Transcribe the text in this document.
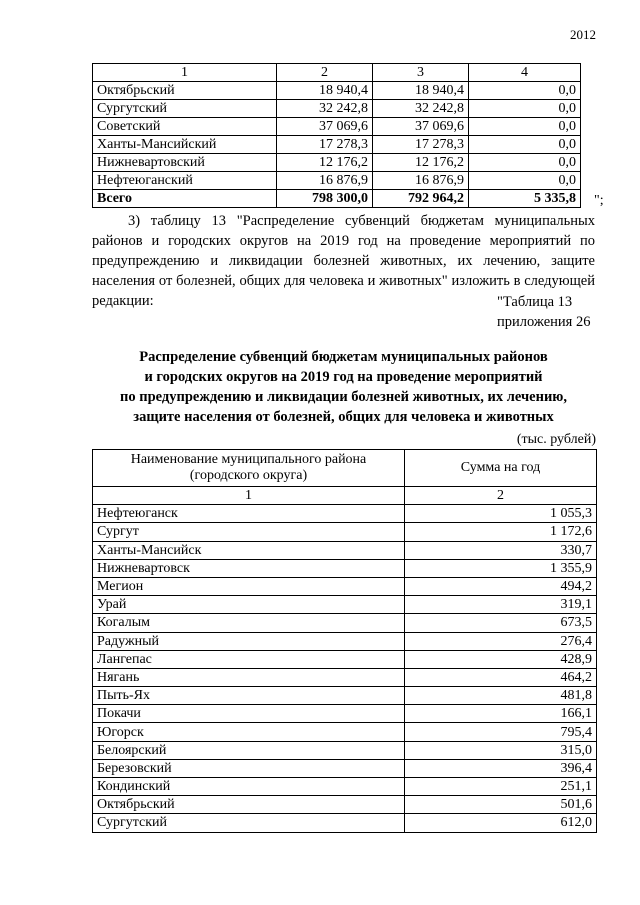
2012
1	2	3	4
Октябрьский	18 940,4	18 940,4	0,0
Сургутский	32 242,8	32 242,8	0,0
Советский	37 069,6	37 069,6	0,0
Ханты-Мансийский	17 278,3	17 278,3	0,0
Нижневартовский	12 176,2	12 176,2	0,0
Нефтеюганский	16 876,9	16 876,9	0,0
Всего	798 300,0	792 964,2	5 335,8 ";

3) таблицу 13 "Распределение субвенций бюджетам муниципальных районов и городских округов на 2019 год на проведение мероприятий по предупреждению и ликвидации болезней животных, их лечению, защите населения от болезней, общих для человека и животных" изложить в следующей редакции:	"Таблица 13
приложения 26
Распределение субвенций бюджетам муниципальных районов
и городских округов на 2019 год на проведение мероприятий
по предупреждению и ликвидации болезней животных, их лечению,
защите населения от болезней, общих для человека и животных
(тыс. рублей)
Наименование муниципального района (городского округа)	Сумма на год
1	2
Нефтеюганск	1 055,3
Сургут	1 172,6
Ханты-Мансийск	330,7
Нижневартовск	1 355,9
Мегион	494,2
Урай	319,1
Когалым	673,5
Радужный	276,4
Лангепас	428,9
Нягань	464,2
Пыть-Ях	481,8
Покачи	166,1
Югорск	795,4
Белоярский	315,0
Березовский	396,4
Кондинский	251,1
Октябрьский	501,6
Сургутский	612,0
